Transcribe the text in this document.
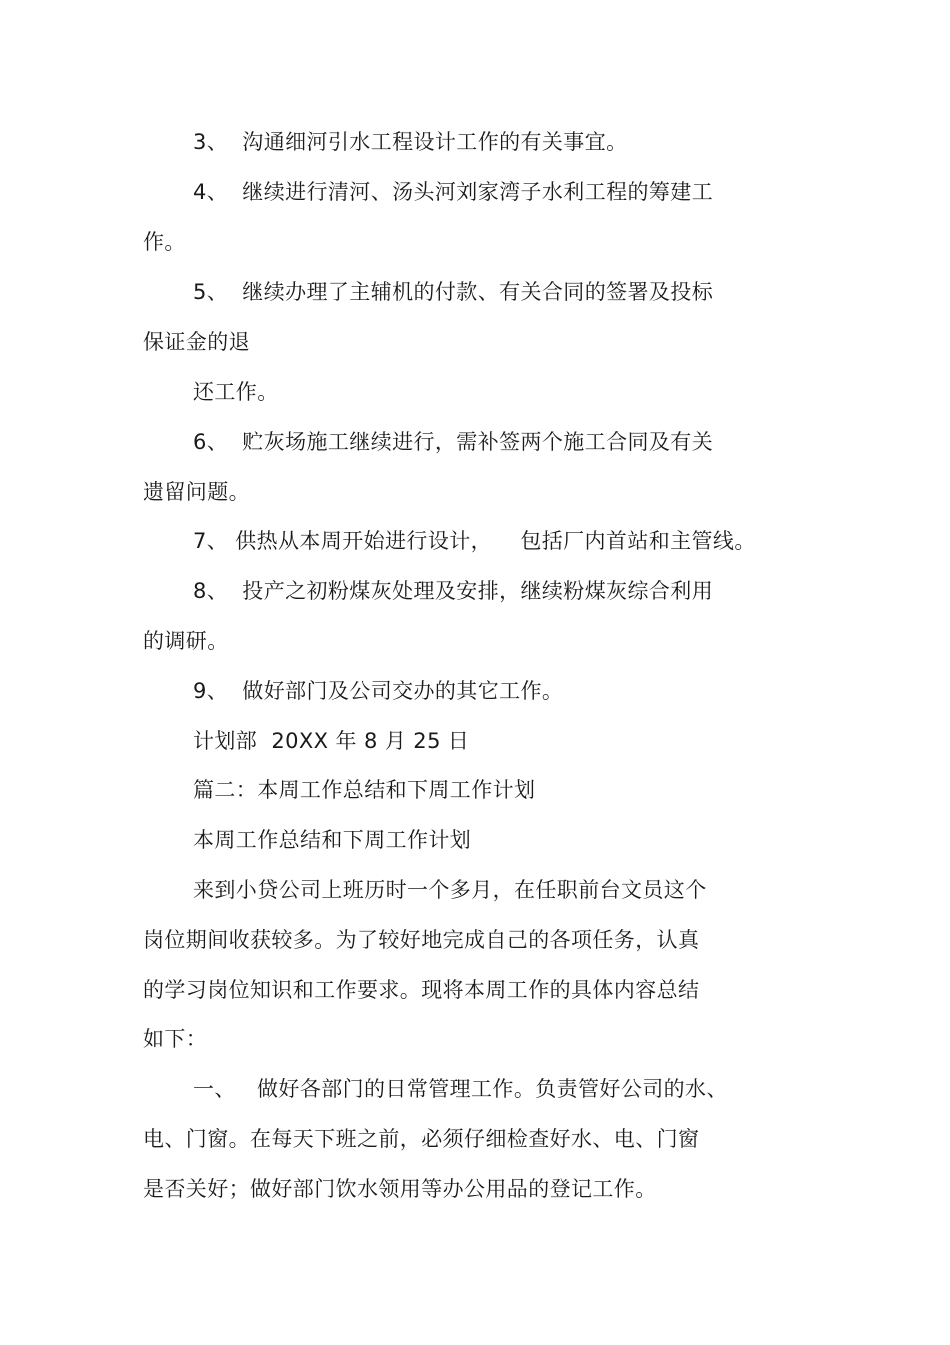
3、  沟通细河引水工程设计工作的有关事宜。
4、  继续进行清河、汤头河刘家湾子水利工程的筹建工
作。
5、  继续办理了主辅机的付款、有关合同的签署及投标
保证金的退
还工作。
6、  贮灰场施工继续进行，需补签两个施工合同及有关
遗留问题。
7、 供热从本周开始进行设计，    包括厂内首站和主管线。
8、  投产之初粉煤灰处理及安排，继续粉煤灰综合利用
的调研。
9、  做好部门及公司交办的其它工作。
计划部  20XX 年 8 月 25 日
篇二：本周工作总结和下周工作计划
本周工作总结和下周工作计划
来到小贷公司上班历时一个多月，在任职前台文员这个
岗位期间收获较多。为了较好地完成自己的各项任务，认真
的学习岗位知识和工作要求。现将本周工作的具体内容总结
如下：
一、   做好各部门的日常管理工作。负责管好公司的水、
电、门窗。在每天下班之前，必须仔细检查好水、电、门窗
是否关好；做好部门饮水领用等办公用品的登记工作。
